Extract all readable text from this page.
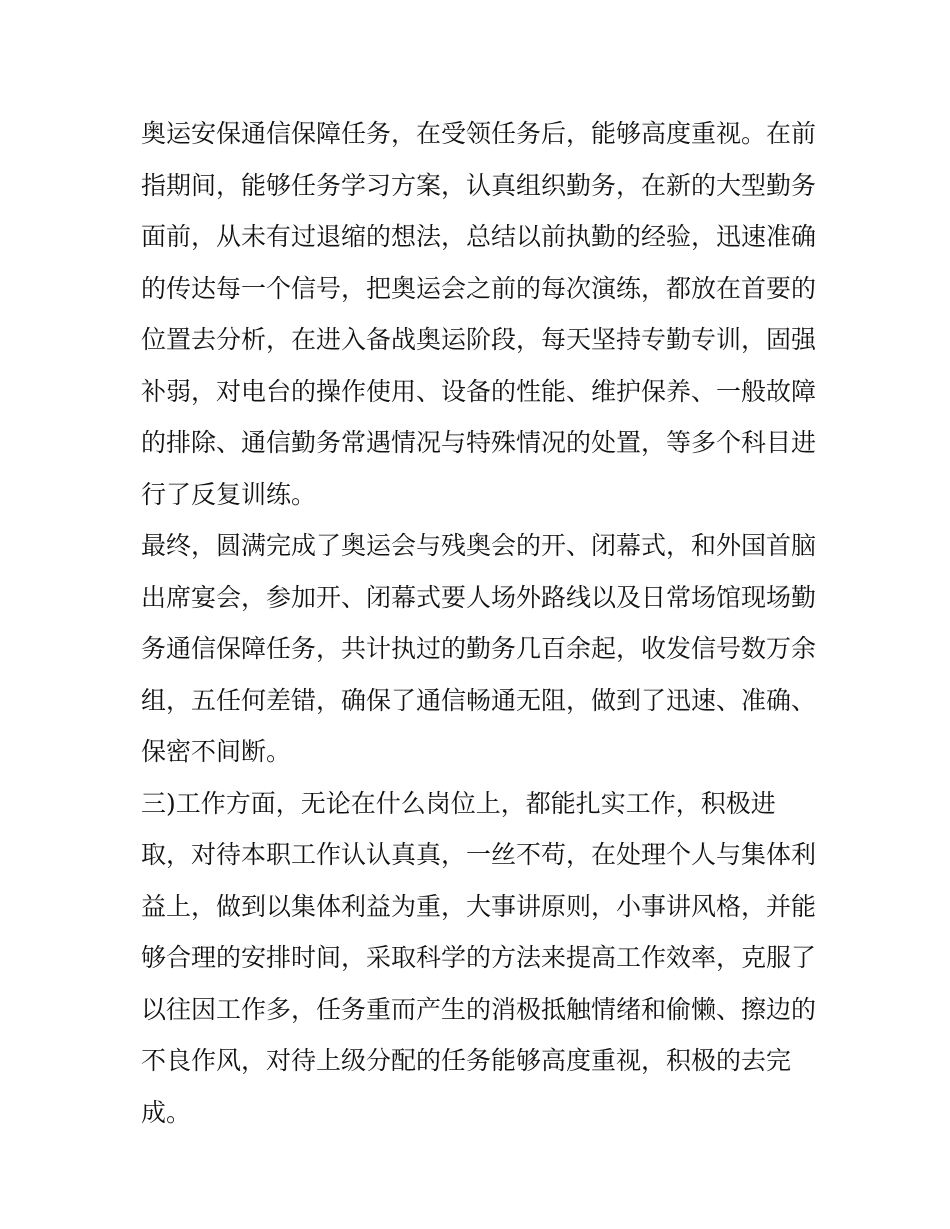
奥运安保通信保障任务，在受领任务后，能够高度重视。在前
指期间，能够任务学习方案，认真组织勤务，在新的大型勤务
面前，从未有过退缩的想法，总结以前执勤的经验，迅速准确
的传达每一个信号，把奥运会之前的每次演练，都放在首要的
位置去分析，在进入备战奥运阶段，每天坚持专勤专训，固强
补弱，对电台的操作使用、设备的性能、维护保养、一般故障
的排除、通信勤务常遇情况与特殊情况的处置，等多个科目进
行了反复训练。
最终，圆满完成了奥运会与残奥会的开、闭幕式，和外国首脑
出席宴会，参加开、闭幕式要人场外路线以及日常场馆现场勤
务通信保障任务，共计执过的勤务几百余起，收发信号数万余
组，五任何差错，确保了通信畅通无阻，做到了迅速、准确、
保密不间断。
三)工作方面，无论在什么岗位上，都能扎实工作，积极进
取，对待本职工作认认真真，一丝不苟，在处理个人与集体利
益上，做到以集体利益为重，大事讲原则，小事讲风格，并能
够合理的安排时间，采取科学的方法来提高工作效率，克服了
以往因工作多，任务重而产生的消极抵触情绪和偷懒、擦边的
不良作风，对待上级分配的任务能够高度重视，积极的去完
成。
